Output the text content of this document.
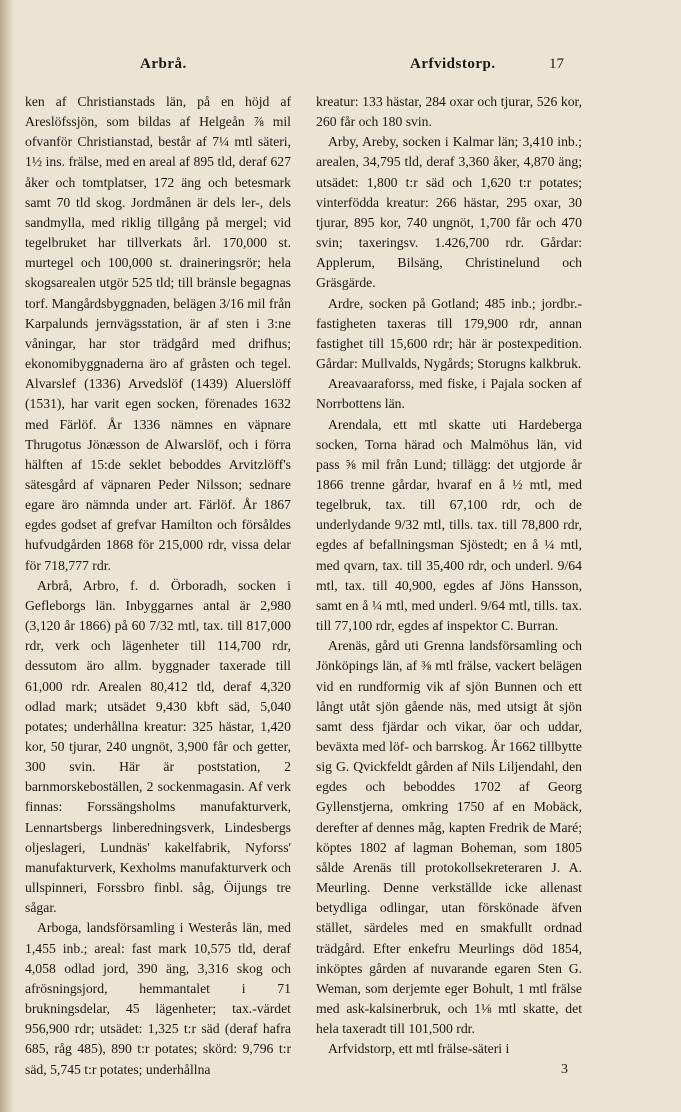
Arbrå.	Arfvidstorp.	17

ken af Christianstads län, på en höjd af Areslöfssjön, som bildas af Helgeån ⅞ mil ofvanför Christianstad, består af 7¼ mtl säteri, 1½ ins. frälse, med en areal af 895 tld, deraf 627 åker och tomtplatser, 172 äng och betesmark samt 70 tld skog. Jordmånen är dels ler-, dels sandmylla, med riklig tillgång på mergel; vid tegelbruket har tillverkats årl. 170,000 st. murtegel och 100,000 st. draineringsrör; hela skogsarealen utgör 525 tld; till bränsle begagnas torf. Mangårdsbyggnaden, belägen 3/16 mil från Karpalunds jernvägsstation, är af sten i 3:ne våningar, har stor trädgård med drifhus; ekonomibyggnaderna äro af gråsten och tegel. Alvarslef (1336) Arvedslöf (1439) Aluerslöff (1531), har varit egen socken, förenades 1632 med Färlöf. År 1336 nämnes en väpnare Thrugotus Jönæsson de Alwarslöf, och i förra hälften af 15:de seklet beboddes Arvitzlöff's sätesgård af väpnaren Peder Nilsson; sednare egare äro nämnda under art. Färlöf. År 1867 egdes godset af grefvar Hamilton och försåldes hufvudgården 1868 för 215,000 rdr, vissa delar för 718,777 rdr.

Arbrå, Arbro, f. d. Örboradh, socken i Gefleborgs län. Inbyggarnes antal är 2,980 (3,120 år 1866) på 60 7/32 mtl, tax. till 817,000 rdr, verk och lägenheter till 114,700 rdr, dessutom äro allm. byggnader taxerade till 61,000 rdr. Arealen 80,412 tld, deraf 4,320 odlad mark; utsädet 9,430 kbft säd, 5,040 potates; underhållna kreatur: 325 hästar, 1,420 kor, 50 tjurar, 240 ungnöt, 3,900 får och getter, 300 svin. Här är poststation, 2 barnmorskeboställen, 2 sockenmagasin. Af verk finnas: Forssängsholms manufakturverk, Lennartsbergs linberedningsverk, Lindesbergs oljeslageri, Lundnäs' kakelfabrik, Nyforss' manufakturverk, Kexholms manufakturverk och ullspinneri, Forssbro finbl. såg, Öijungs tre sågar.

Arboga, landsförsamling i Westerås län, med 1,455 inb.; areal: fast mark 10,575 tld, deraf 4,058 odlad jord, 390 äng, 3,316 skog och afrösningsjord, hemmantalet i 71 brukningsdelar, 45 lägenheter; tax.-värdet 956,900 rdr; utsädet: 1,325 t:r säd (deraf hafra 685, råg 485), 890 t:r potates; skörd: 9,796 t:r säd, 5,745 t:r potates; underhållna

kreatur: 133 hästar, 284 oxar och tjurar, 526 kor, 260 får och 180 svin.

Arby, Areby, socken i Kalmar län; 3,410 inb.; arealen, 34,795 tld, deraf 3,360 åker, 4,870 äng; utsädet: 1,800 t:r säd och 1,620 t:r potates; vinterfödda kreatur: 266 hästar, 295 oxar, 30 tjurar, 895 kor, 740 ungnöt, 1,700 får och 470 svin; taxeringsv. 1.426,700 rdr. Gårdar: Applerum, Bilsäng, Christinelund och Gräsgärde.

Ardre, socken på Gotland; 485 inb.; jordbr.-fastigheten taxeras till 179,900 rdr, annan fastighet till 15,600 rdr; här är postexpedition. Gårdar: Mullvalds, Nygårds; Storugns kalkbruk.

Areavaaraforss, med fiske, i Pajala socken af Norrbottens län.

Arendala, ett mtl skatte uti Hardeberga socken, Torna härad och Malmöhus län, vid pass ⅝ mil från Lund; tillägg: det utgjorde år 1866 trenne gårdar, hvaraf en å ½ mtl, med tegelbruk, tax. till 67,100 rdr, och de underlydande 9/32 mtl, tills. tax. till 78,800 rdr, egdes af befallningsman Sjöstedt; en å ¼ mtl, med qvarn, tax. till 35,400 rdr, och underl. 9/64 mtl, tax. till 40,900, egdes af Jöns Hansson, samt en å ¼ mtl, med underl. 9/64 mtl, tills. tax. till 77,100 rdr, egdes af inspektor C. Burran.

Arenäs, gård uti Grenna landsförsamling och Jönköpings län, af ⅜ mtl frälse, vackert belägen vid en rundformig vik af sjön Bunnen och ett långt utåt sjön gående näs, med utsigt åt sjön samt dess fjärdar och vikar, öar och uddar, beväxta med löf- och barrskog. År 1662 tillbytte sig G. Qvickfeldt gården af Nils Liljendahl, den egdes och beboddes 1702 af Georg Gyllenstjerna, omkring 1750 af en Mobäck, derefter af dennes måg, kapten Fredrik de Maré; köptes 1802 af lagman Boheman, som 1805 sålde Arenäs till protokollsekreteraren J. A. Meurling. Denne verkställde icke allenast betydliga odlingar, utan förskönade äfven stället, särdeles med en smakfullt ordnad trädgård. Efter enkefru Meurlings död 1854, inköptes gården af nuvarande egaren Sten G. Weman, som derjemte eger Bohult, 1 mtl frälse med ask-kalsinerbruk, och 1⅛ mtl skatte, det hela taxeradt till 101,500 rdr.

Arfvidstorp, ett mtl frälse-säteri i

3
